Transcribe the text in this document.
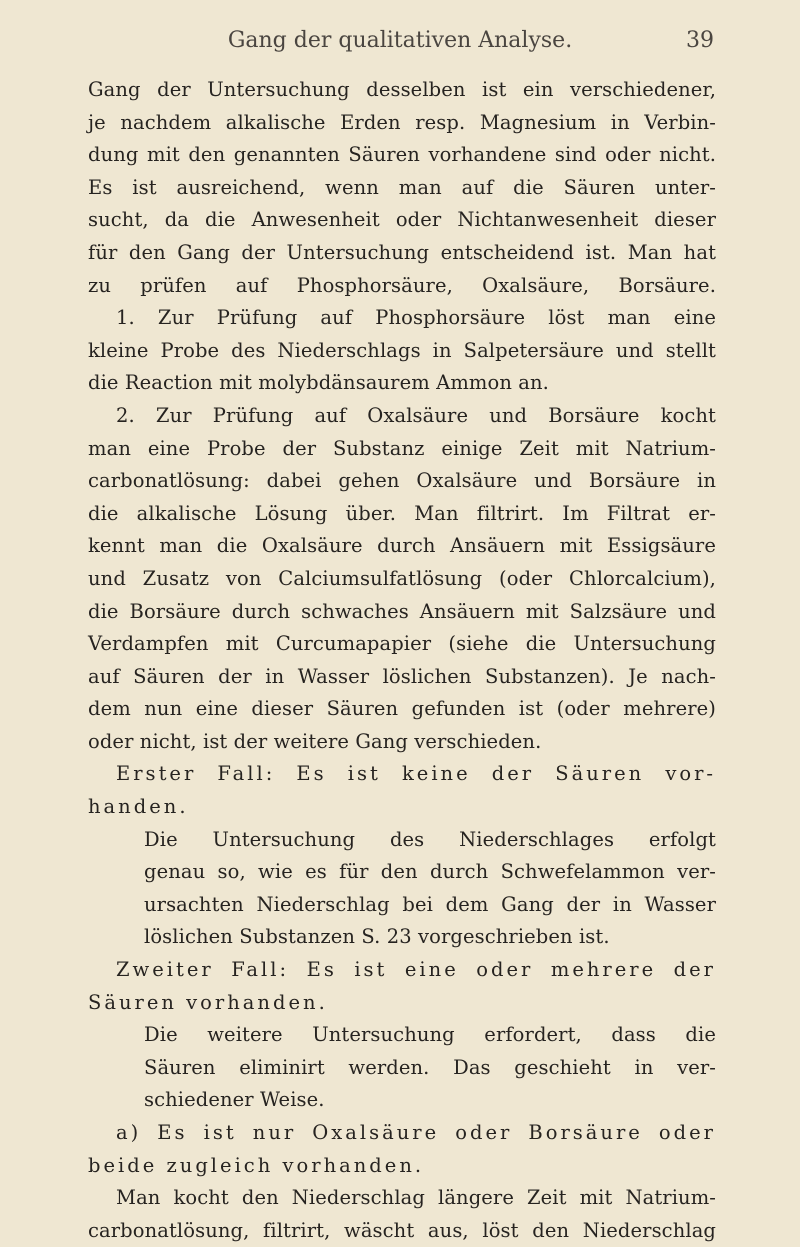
Gang der qualitativen Analyse.	39
Gang der Untersuchung desselben ist ein verschiedener,
je nachdem alkalische Erden resp. Magnesium in Verbin-
dung mit den genannten Säuren vorhandene sind oder nicht.
Es ist ausreichend, wenn man auf die Säuren unter-
sucht, da die Anwesenheit oder Nichtanwesenheit dieser
für den Gang der Untersuchung entscheidend ist. Man hat
zu prüfen auf Phosphorsäure, Oxalsäure, Borsäure.
1. Zur Prüfung auf Phosphorsäure löst man eine
kleine Probe des Niederschlags in Salpetersäure und stellt
die Reaction mit molybdänsaurem Ammon an.
2. Zur Prüfung auf Oxalsäure und Borsäure kocht
man eine Probe der Substanz einige Zeit mit Natrium-
carbonatlösung: dabei gehen Oxalsäure und Borsäure in
die alkalische Lösung über. Man filtrirt. Im Filtrat er-
kennt man die Oxalsäure durch Ansäuern mit Essigsäure
und Zusatz von Calciumsulfatlösung (oder Chlorcalcium),
die Borsäure durch schwaches Ansäuern mit Salzsäure und
Verdampfen mit Curcumapapier (siehe die Untersuchung
auf Säuren der in Wasser löslichen Substanzen). Je nach-
dem nun eine dieser Säuren gefunden ist (oder mehrere)
oder nicht, ist der weitere Gang verschieden.
Erster Fall: Es ist keine der Säuren vor-
handen.
Die Untersuchung des Niederschlages erfolgt
genau so, wie es für den durch Schwefelammon ver-
ursachten Niederschlag bei dem Gang der in Wasser
löslichen Substanzen S. 23 vorgeschrieben ist.
Zweiter Fall: Es ist eine oder mehrere der
Säuren vorhanden.
Die weitere Untersuchung erfordert, dass die
Säuren eliminirt werden. Das geschieht in ver-
schiedener Weise.
a) Es ist nur Oxalsäure oder Borsäure oder
beide zugleich vorhanden.
Man kocht den Niederschlag längere Zeit mit Natrium-
carbonatlösung, filtrirt, wäscht aus, löst den Niederschlag
